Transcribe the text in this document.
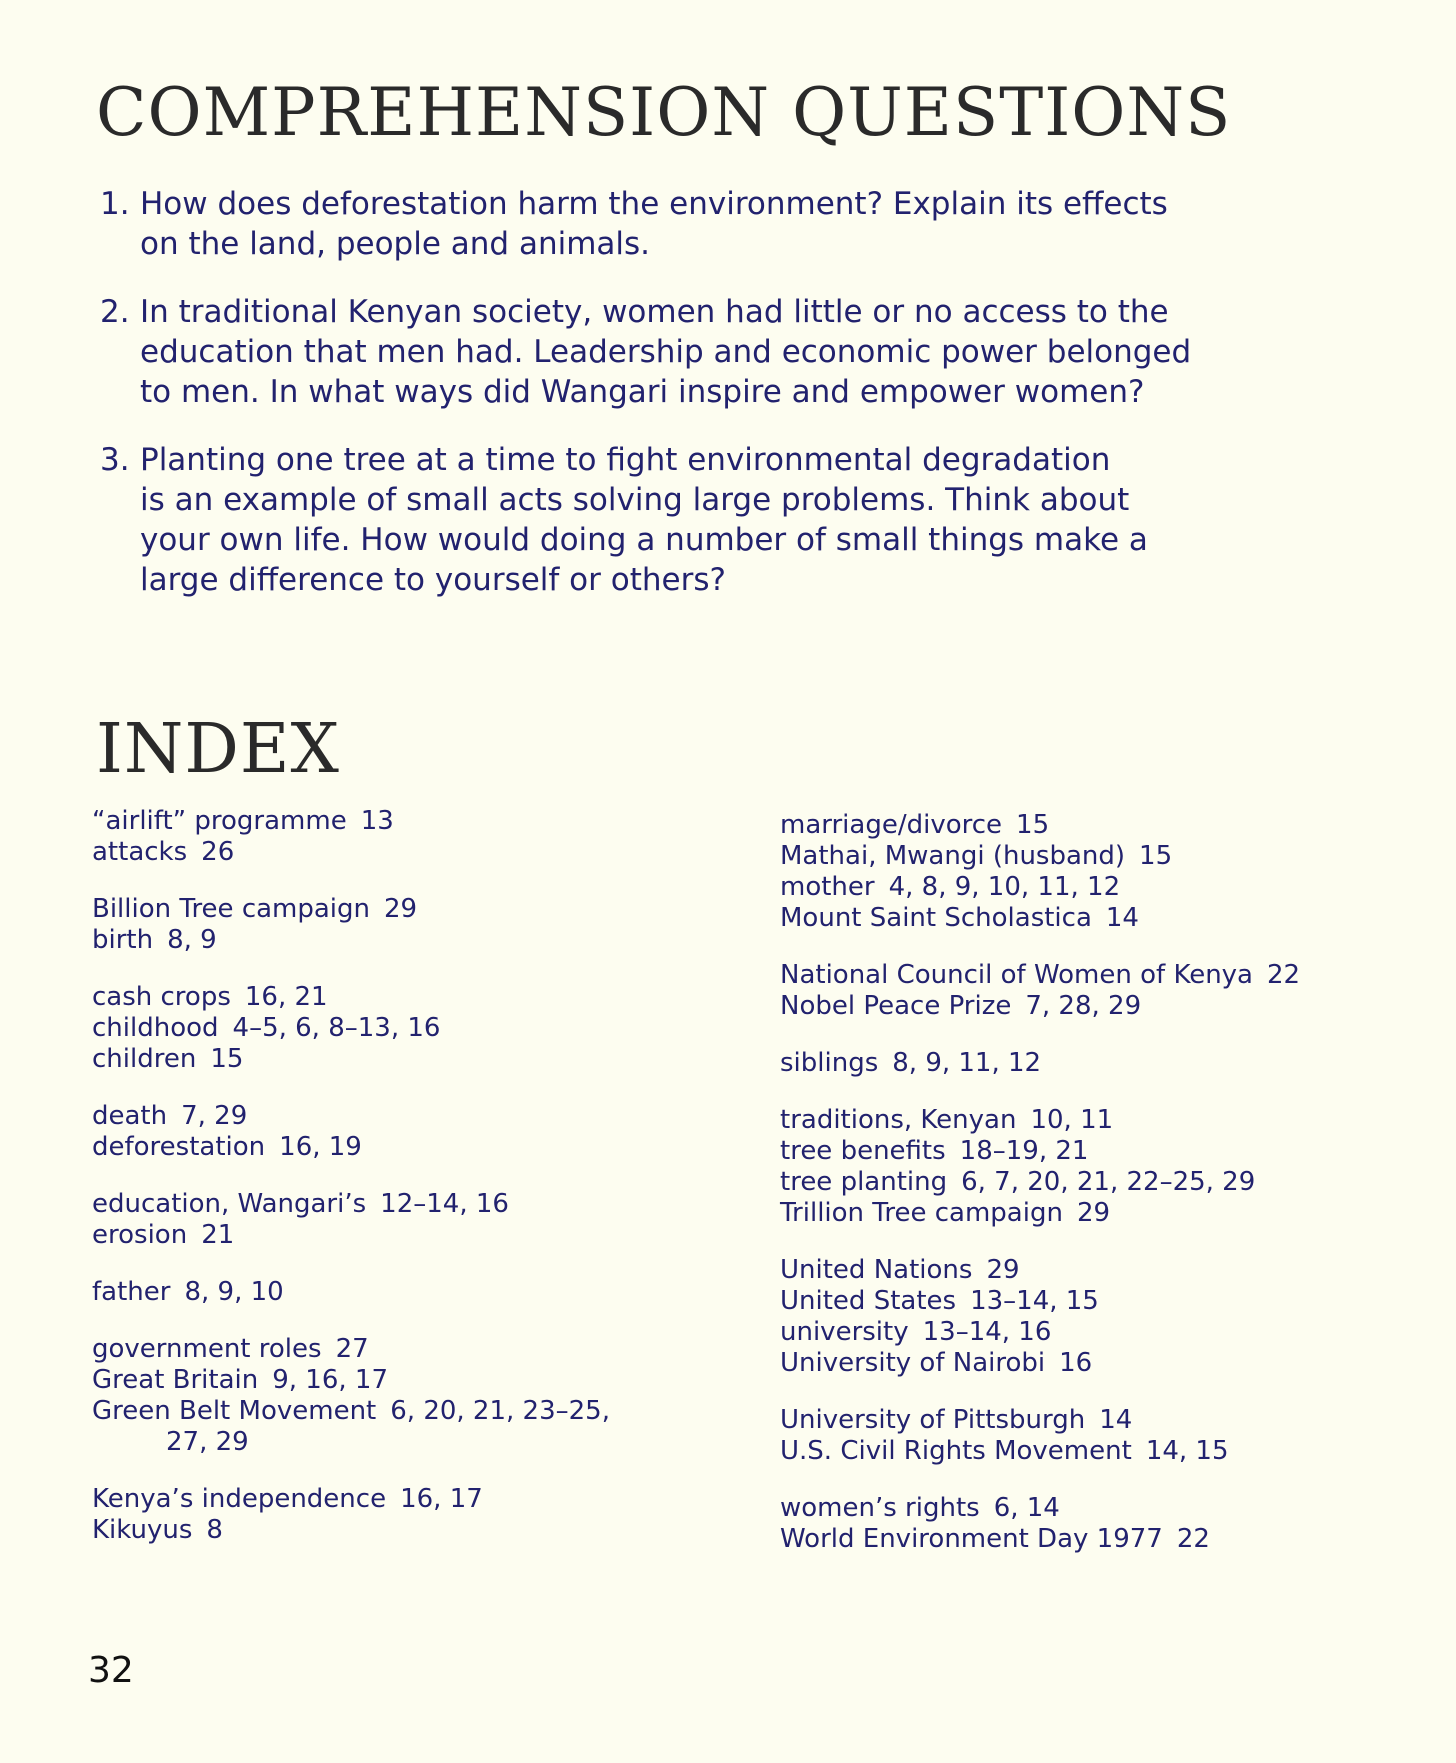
COMPREHENSION QUESTIONS
1. How does deforestation harm the environment? Explain its effects
on the land, people and animals.
2. In traditional Kenyan society, women had little or no access to the
education that men had. Leadership and economic power belonged
to men. In what ways did Wangari inspire and empower women?
3. Planting one tree at a time to fight environmental degradation
is an example of small acts solving large problems. Think about
your own life. How would doing a number of small things make a
large difference to yourself or others?
INDEX
“airlift” programme 13
attacks 26
Billion Tree campaign 29
birth 8, 9
cash crops 16, 21
childhood 4–5, 6, 8–13, 16
children 15
death 7, 29
deforestation 16, 19
education, Wangari’s 12–14, 16
erosion 21
father 8, 9, 10
government roles 27
Great Britain 9, 16, 17
Green Belt Movement 6, 20, 21, 23–25,
27, 29
Kenya’s independence 16, 17
Kikuyus 8
marriage/divorce 15
Mathai, Mwangi (husband) 15
mother 4, 8, 9, 10, 11, 12
Mount Saint Scholastica 14
National Council of Women of Kenya 22
Nobel Peace Prize 7, 28, 29
siblings 8, 9, 11, 12
traditions, Kenyan 10, 11
tree benefits 18–19, 21
tree planting 6, 7, 20, 21, 22–25, 29
Trillion Tree campaign 29
United Nations 29
United States 13–14, 15
university 13–14, 16
University of Nairobi 16
University of Pittsburgh 14
U.S. Civil Rights Movement 14, 15
women’s rights 6, 14
World Environment Day 1977 22
32
